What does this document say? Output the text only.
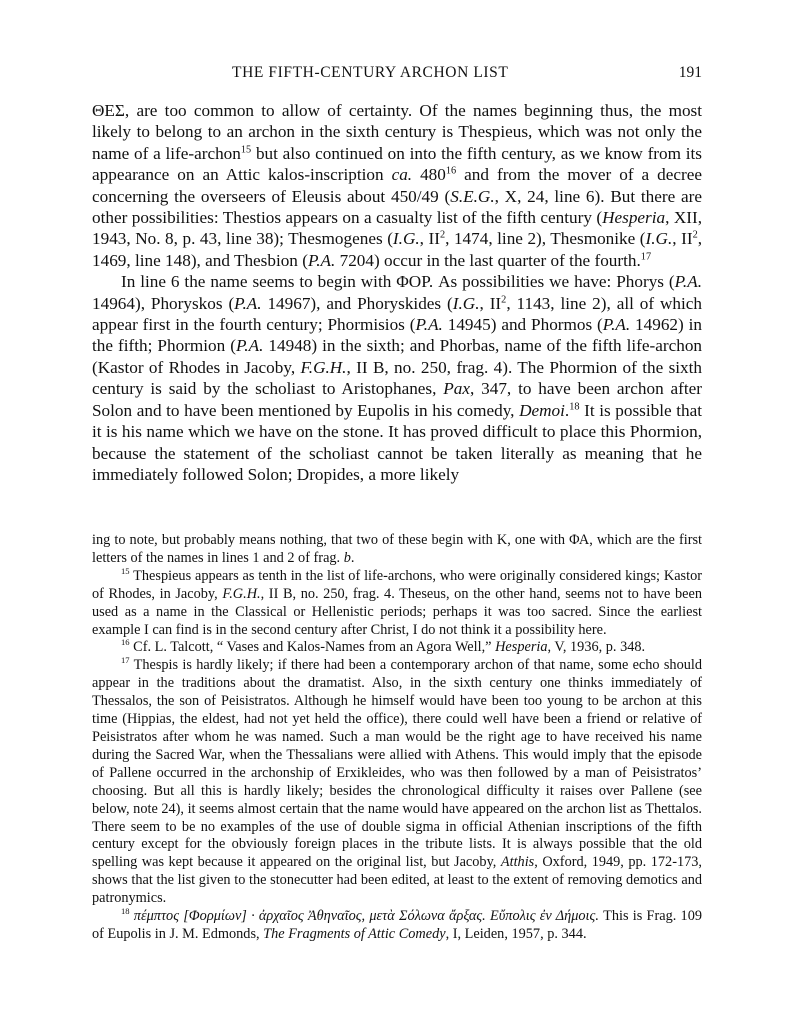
THE FIFTH-CENTURY ARCHON LIST	191

ΘΕΣ, are too common to allow of certainty. Of the names beginning thus, the most likely to belong to an archon in the sixth century is Thespieus, which was not only the name of a life-archon$^{15}$ but also continued on into the fifth century, as we know from its appearance on an Attic kalos-inscription ca. $480^{16}$ and from the mover of a decree concerning the overseers of Eleusis about 450/49 (S.E.G., X, 24, line 6). But there are other possibilities: Thestios appears on a casualty list of the fifth century (Hesperia, XII, 1943, No. 8, p. 43, line 38); Thesmogenes (I.G., $II^2$, 1474, line 2), Thesmonike (I.G., $II^2$, 1469, line 148), and Thesbion (P.A. 7204) occur in the last quarter of the fourth.$^{17}$

In line 6 the name seems to begin with ΦΟΡ. As possibilities we have: Phorys (P.A. 14964), Phoryskos (P.A. 14967), and Phoryskides (I.G., $II^2$, 1143, line 2), all of which appear first in the fourth century; Phormisios (P.A. 14945) and Phormos (P.A. 14962) in the fifth; Phormion (P.A. 14948) in the sixth; and Phorbas, name of the fifth life-archon (Kastor of Rhodes in Jacoby, F.G.H., II B, no. 250, frag. 4). The Phormion of the sixth century is said by the scholiast to Aristophanes, Pax, 347, to have been archon after Solon and to have been mentioned by Eupolis in his comedy, Demoi.$^{18}$ It is possible that it is his name which we have on the stone. It has proved difficult to place this Phormion, because the statement of the scholiast cannot be taken literally as meaning that he immediately followed Solon; Dropides, a more likely

ing to note, but probably means nothing, that two of these begin with Κ, one with ΦΑ, which are the first letters of the names in lines 1 and 2 of frag. b.

$^{15}$ Thespieus appears as tenth in the list of life-archons, who were originally considered kings; Kastor of Rhodes, in Jacoby, F.G.H., II B, no. 250, frag. 4. Theseus, on the other hand, seems not to have been used as a name in the Classical or Hellenistic periods; perhaps it was too sacred. Since the earliest example I can find is in the second century after Christ, I do not think it a possibility here.

$^{16}$ Cf. L. Talcott, “ Vases and Kalos-Names from an Agora Well,” Hesperia, V, 1936, p. 348.

$^{17}$ Thespis is hardly likely; if there had been a contemporary archon of that name, some echo should appear in the traditions about the dramatist. Also, in the sixth century one thinks immediately of Thessalos, the son of Peisistratos. Although he himself would have been too young to be archon at this time (Hippias, the eldest, had not yet held the office), there could well have been a friend or relative of Peisistratos after whom he was named. Such a man would be the right age to have received his name during the Sacred War, when the Thessalians were allied with Athens. This would imply that the episode of Pallene occurred in the archonship of Erxikleides, who was then followed by a man of Peisistratos’ choosing. But all this is hardly likely; besides the chronological difficulty it raises over Pallene (see below, note 24), it seems almost certain that the name would have appeared on the archon list as Thettalos. There seem to be no examples of the use of double sigma in official Athenian inscriptions of the fifth century except for the obviously foreign places in the tribute lists. It is always possible that the old spelling was kept because it appeared on the original list, but Jacoby, Atthis, Oxford, 1949, pp. 172-173, shows that the list given to the stonecutter had been edited, at least to the extent of removing demotics and patronymics.

$^{18}$ πέμπτος [Φορμίων] · ἀρχαῖος Ἀθηναῖος, μετὰ Σόλωνα ἄρξας. Εὔπολις ἐν Δήμοις. This is Frag. 109 of Eupolis in J. M. Edmonds, The Fragments of Attic Comedy, I, Leiden, 1957, p. 344.
